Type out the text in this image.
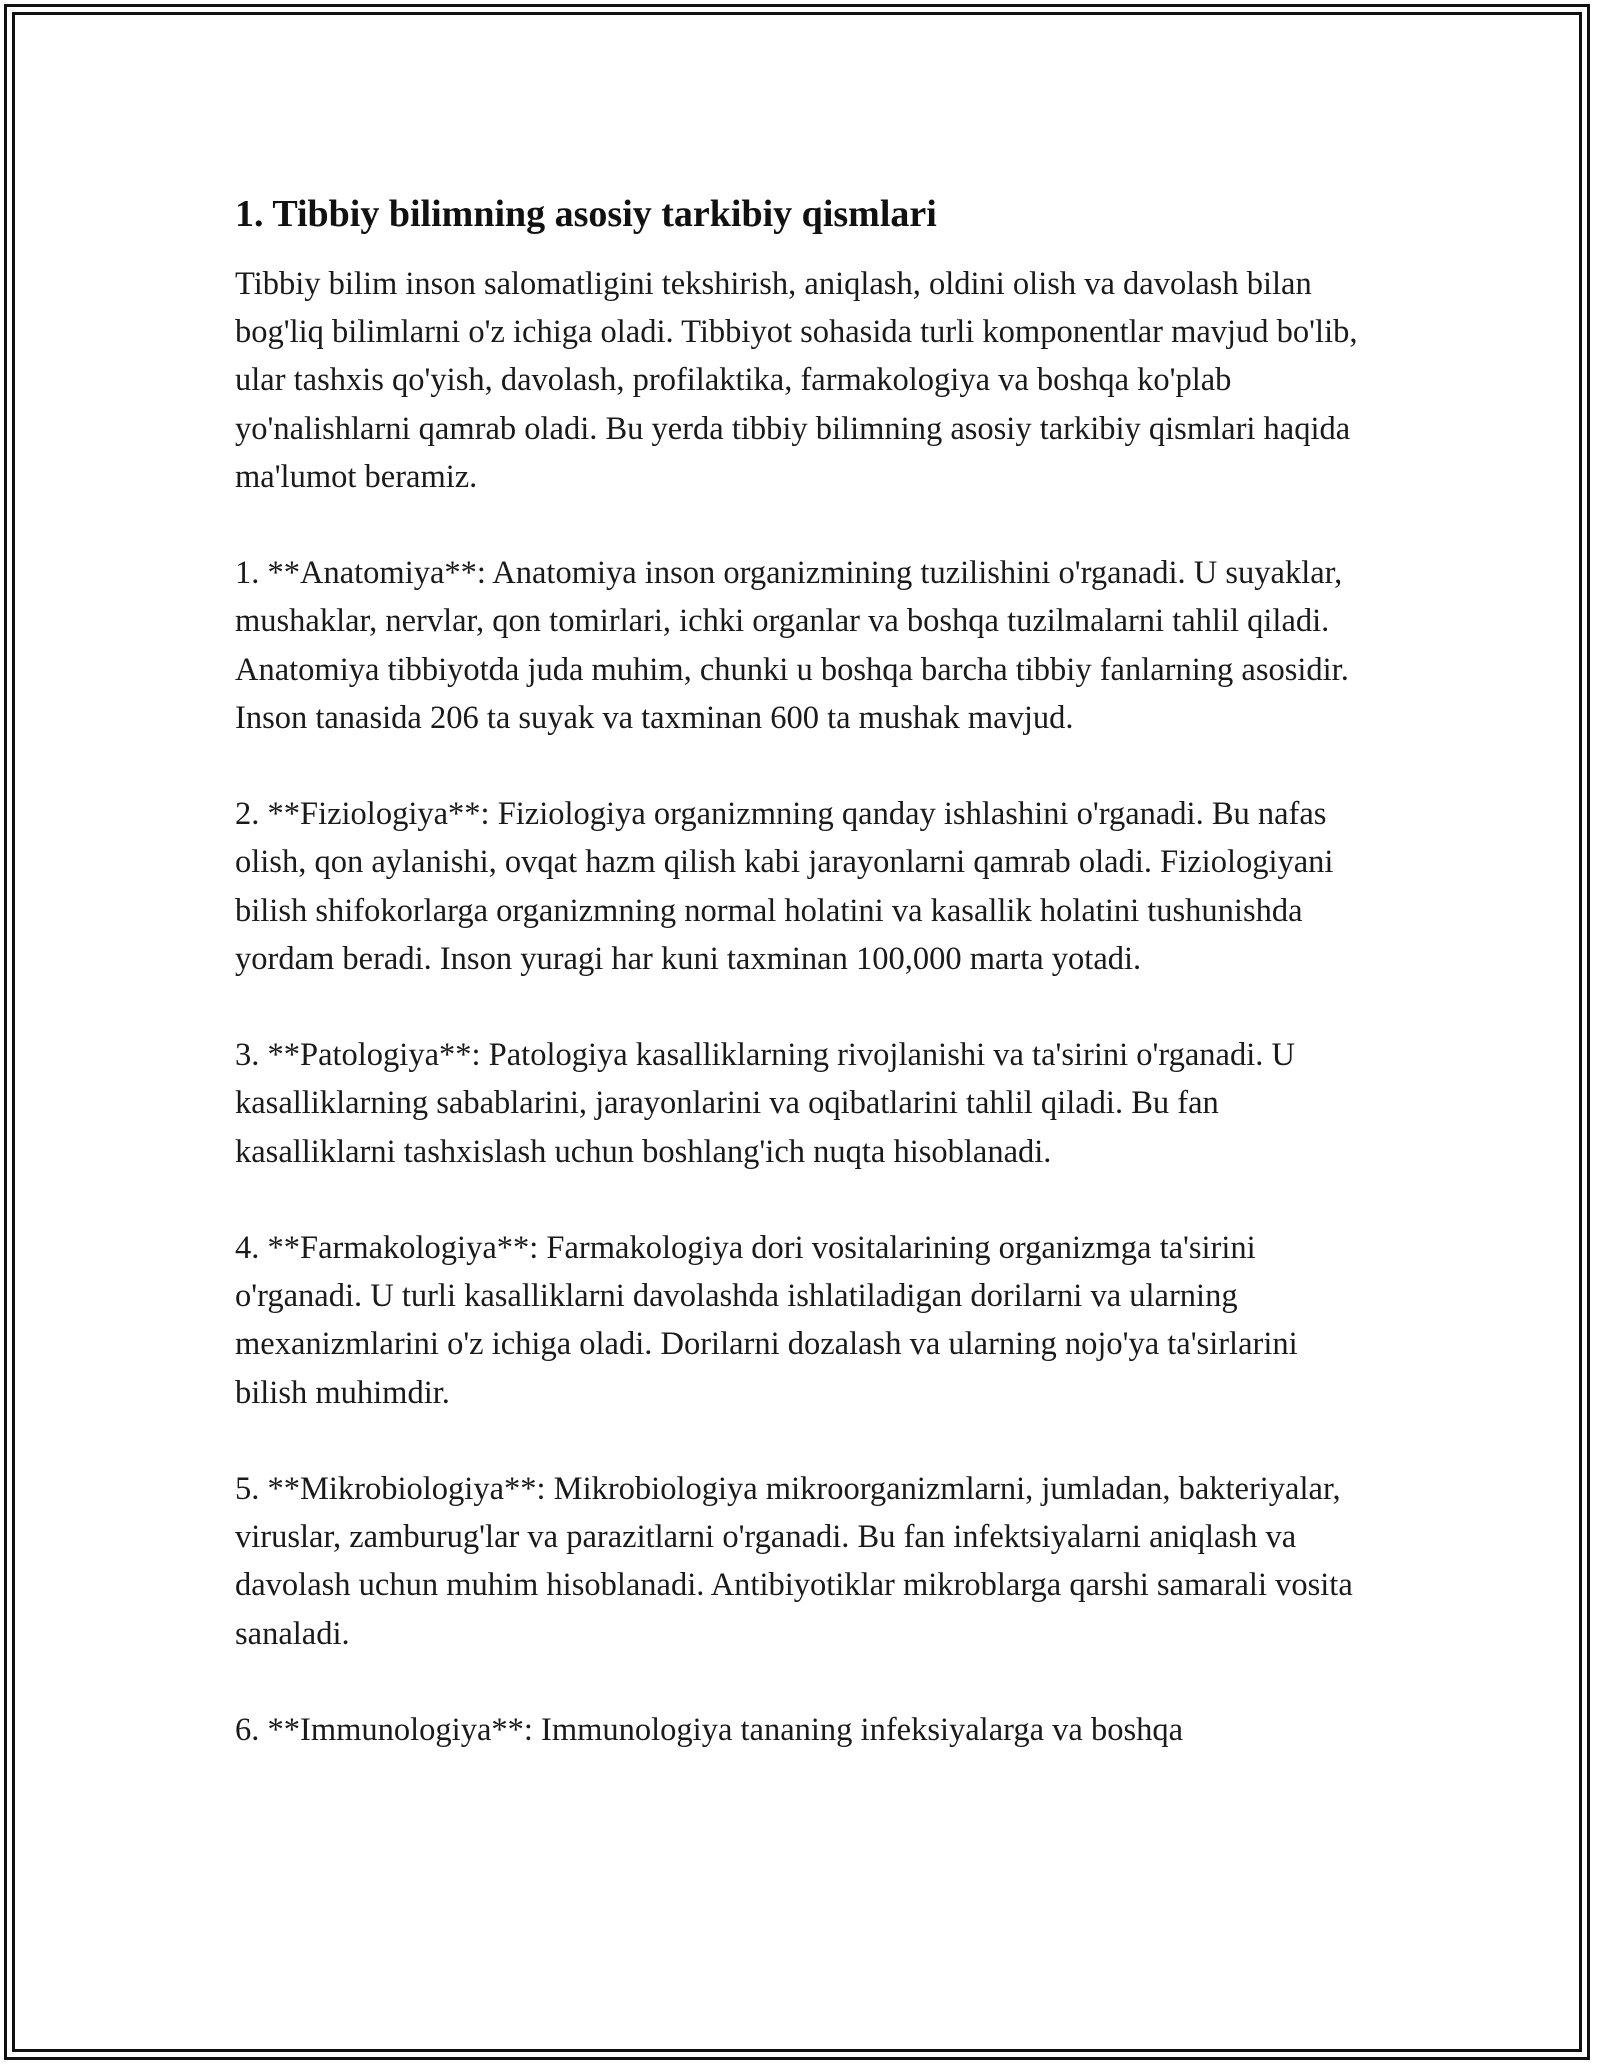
1. Tibbiy bilimning asosiy tarkibiy qismlari

Tibbiy bilim inson salomatligini tekshirish, aniqlash, oldini olish va davolash bilan bog'liq bilimlarni o'z ichiga oladi. Tibbiyot sohasida turli komponentlar mavjud bo'lib, ular tashxis qo'yish, davolash, profilaktika, farmakologiya va boshqa ko'plab yo'nalishlarni qamrab oladi. Bu yerda tibbiy bilimning asosiy tarkibiy qismlari haqida ma'lumot beramiz.

1. **Anatomiya**: Anatomiya inson organizmining tuzilishini o'rganadi. U suyaklar, mushaklar, nervlar, qon tomirlari, ichki organlar va boshqa tuzilmalarni tahlil qiladi. Anatomiya tibbiyotda juda muhim, chunki u boshqa barcha tibbiy fanlarning asosidir. Inson tanasida 206 ta suyak va taxminan 600 ta mushak mavjud.

2. **Fiziologiya**: Fiziologiya organizmning qanday ishlashini o'rganadi. Bu nafas olish, qon aylanishi, ovqat hazm qilish kabi jarayonlarni qamrab oladi. Fiziologiyani bilish shifokorlarga organizmning normal holatini va kasallik holatini tushunishda yordam beradi. Inson yuragi har kuni taxminan 100,000 marta yotadi.

3. **Patologiya**: Patologiya kasalliklarning rivojlanishi va ta'sirini o'rganadi. U kasalliklarning sabablarini, jarayonlarini va oqibatlarini tahlil qiladi. Bu fan kasalliklarni tashxislash uchun boshlang'ich nuqta hisoblanadi.

4. **Farmakologiya**: Farmakologiya dori vositalarining organizmga ta'sirini o'rganadi. U turli kasalliklarni davolashda ishlatiladigan dorilarni va ularning mexanizmlarini o'z ichiga oladi. Dorilarni dozalash va ularning nojo'ya ta'sirlarini bilish muhimdir.

5. **Mikrobiologiya**: Mikrobiologiya mikroorganizmlarni, jumladan, bakteriyalar, viruslar, zamburug'lar va parazitlarni o'rganadi. Bu fan infektsiyalarni aniqlash va davolash uchun muhim hisoblanadi. Antibiyotiklar mikroblarga qarshi samarali vosita sanaladi.

6. **Immunologiya**: Immunologiya tananing infeksiyalarga va boshqa
